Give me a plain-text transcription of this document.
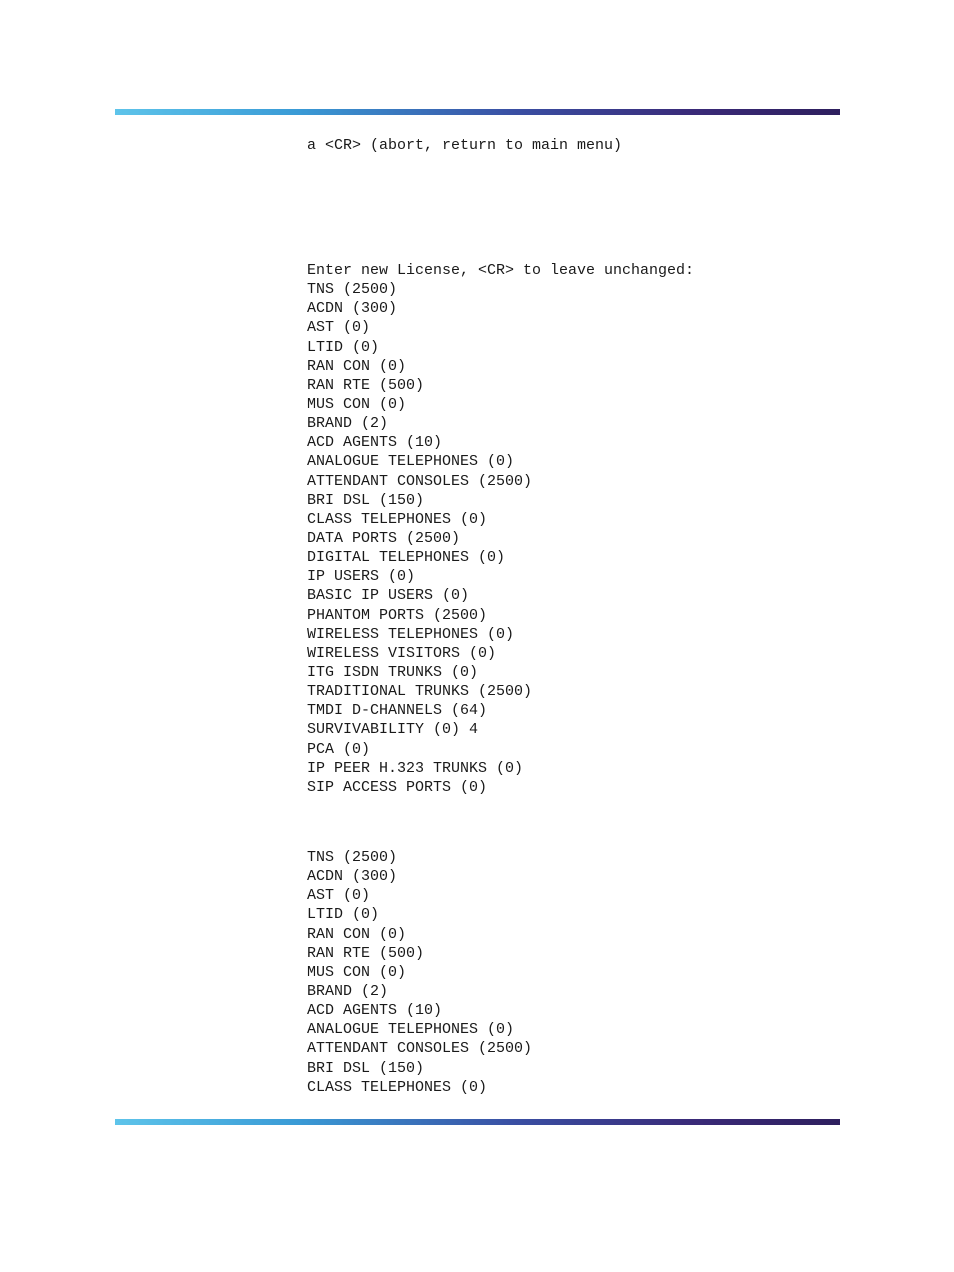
a <CR> (abort, return to main menu)
Enter new License, <CR> to leave unchanged:
TNS (2500)
ACDN (300)
AST (0)
LTID (0)
RAN CON (0)
RAN RTE (500)
MUS CON (0)
BRAND (2)
ACD AGENTS (10)
ANALOGUE TELEPHONES (0)
ATTENDANT CONSOLES (2500)
BRI DSL (150)
CLASS TELEPHONES (0)
DATA PORTS (2500)
DIGITAL TELEPHONES (0)
IP USERS (0)
BASIC IP USERS (0)
PHANTOM PORTS (2500)
WIRELESS TELEPHONES (0)
WIRELESS VISITORS (0)
ITG ISDN TRUNKS (0)
TRADITIONAL TRUNKS (2500)
TMDI D-CHANNELS (64)
SURVIVABILITY (0) 4
PCA (0)
IP PEER H.323 TRUNKS (0)
SIP ACCESS PORTS (0)
TNS (2500)
ACDN (300)
AST (0)
LTID (0)
RAN CON (0)
RAN RTE (500)
MUS CON (0)
BRAND (2)
ACD AGENTS (10)
ANALOGUE TELEPHONES (0)
ATTENDANT CONSOLES (2500)
BRI DSL (150)
CLASS TELEPHONES (0)
